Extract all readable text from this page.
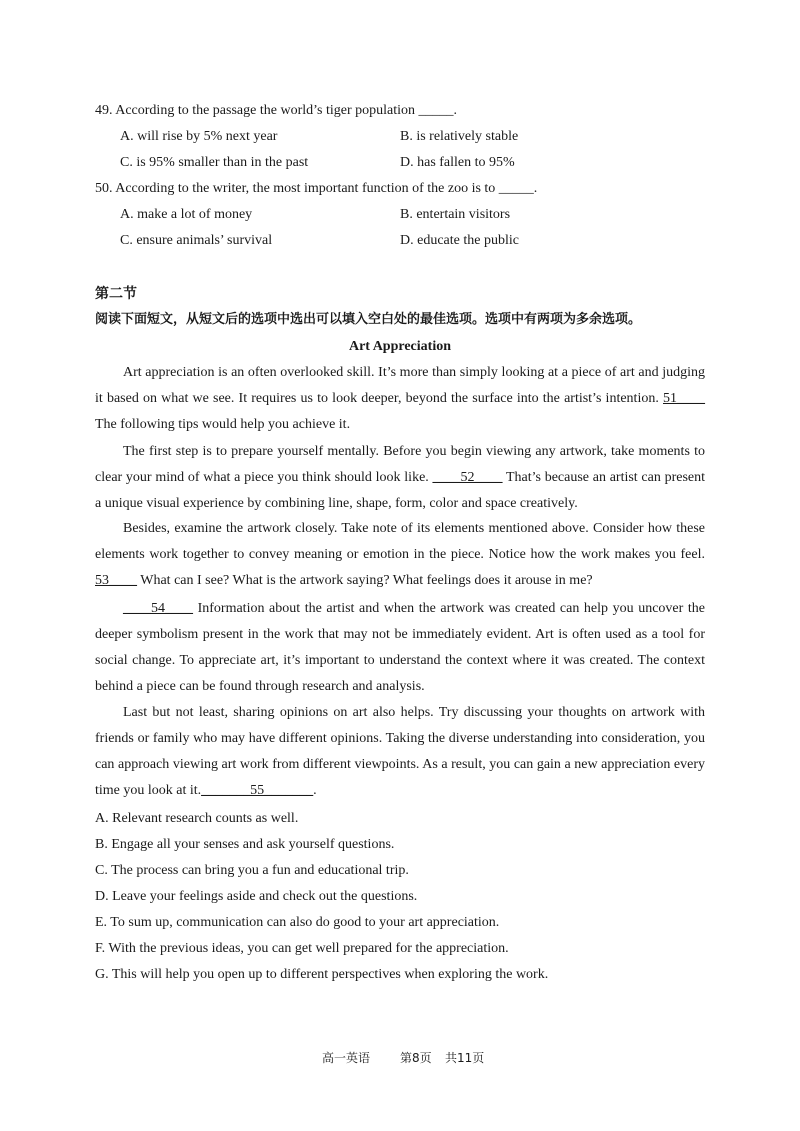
49. According to the passage the world’s tiger population _____.
A. will rise by 5% next year	B. is relatively stable
C. is 95% smaller than in the past	D. has fallen to 95%
50. According to the writer, the most important function of the zoo is to _____.
A. make a lot of money	B. entertain visitors
C. ensure animals’ survival	D. educate the public
第二节
阅读下面短文，从短文后的选项中选出可以填入空白处的最佳选项。选项中有两项为多余选项。
Art Appreciation
Art appreciation is an often overlooked skill. It’s more than simply looking at a piece of art and judging it based on what we see. It requires us to look deeper, beyond the surface into the artist’s intention. 51____ The following tips would help you achieve it.
The first step is to prepare yourself mentally. Before you begin viewing any artwork, take moments to clear your mind of what a piece you think should look like. ____52____ That’s because an artist can present a unique visual experience by combining line, shape, form, color and space creatively.
Besides, examine the artwork closely. Take note of its elements mentioned above. Consider how these elements work together to convey meaning or emotion in the piece. Notice how the work makes you feel. 53____ What can I see? What is the artwork saying? What feelings does it arouse in me?
____54____ Information about the artist and when the artwork was created can help you uncover the deeper symbolism present in the work that may not be immediately evident. Art is often used as a tool for social change. To appreciate art, it’s important to understand the context where it was created. The context behind a piece can be found through research and analysis.
Last but not least, sharing opinions on art also helps. Try discussing your thoughts on artwork with friends or family who may have different opinions. Taking the diverse understanding into consideration, you can approach viewing art work from different viewpoints. As a result, you can gain a new appreciation every time you look at it._______55_______.
A. Relevant research counts as well.
B. Engage all your senses and ask yourself questions.
C. The process can bring you a fun and educational trip.
D. Leave your feelings aside and check out the questions.
E. To sum up, communication can also do good to your art appreciation.
F. With the previous ideas, you can get well prepared for the appreciation.
G. This will help you open up to different perspectives when exploring the work.
高一英语 第8页 共11页
